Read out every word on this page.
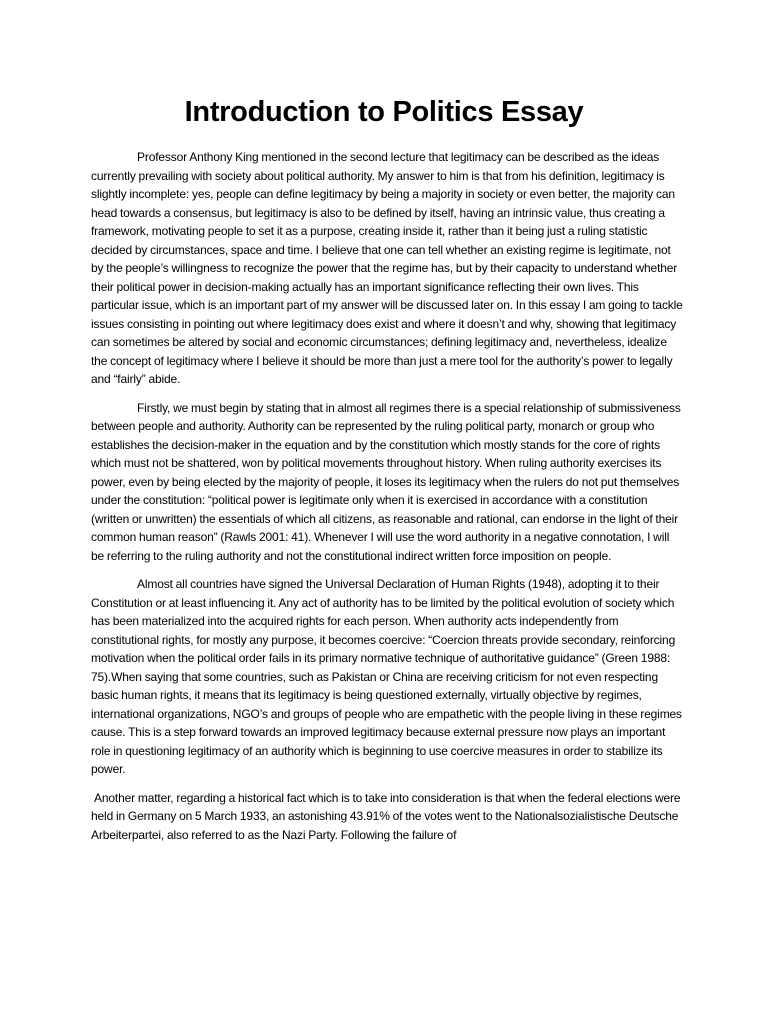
Introduction to Politics Essay

Professor Anthony King mentioned in the second lecture that legitimacy can be described as the ideas currently prevailing with society about political authority. My answer to him is that from his definition, legitimacy is slightly incomplete: yes, people can define legitimacy by being a majority in society or even better, the majority can head towards a consensus, but legitimacy is also to be defined by itself, having an intrinsic value, thus creating a framework, motivating people to set it as a purpose, creating inside it, rather than it being just a ruling statistic decided by circumstances, space and time. I believe that one can tell whether an existing regime is legitimate, not by the people’s willingness to recognize the power that the regime has, but by their capacity to understand whether their political power in decision-making actually has an important significance reflecting their own lives. This particular issue, which is an important part of my answer will be discussed later on. In this essay I am going to tackle issues consisting in pointing out where legitimacy does exist and where it doesn’t and why, showing that legitimacy can sometimes be altered by social and economic circumstances; defining legitimacy and, nevertheless, idealize the concept of legitimacy where I believe it should be more than just a mere tool for the authority’s power to legally and “fairly” abide.

Firstly, we must begin by stating that in almost all regimes there is a special relationship of submissiveness between people and authority. Authority can be represented by the ruling political party, monarch or group who establishes the decision-maker in the equation and by the constitution which mostly stands for the core of rights which must not be shattered, won by political movements throughout history. When ruling authority exercises its power, even by being elected by the majority of people, it loses its legitimacy when the rulers do not put themselves under the constitution: “political power is legitimate only when it is exercised in accordance with a constitution (written or unwritten) the essentials of which all citizens, as reasonable and rational, can endorse in the light of their common human reason” (Rawls 2001: 41). Whenever I will use the word authority in a negative connotation, I will be referring to the ruling authority and not the constitutional indirect written force imposition on people.

Almost all countries have signed the Universal Declaration of Human Rights (1948), adopting it to their Constitution or at least influencing it. Any act of authority has to be limited by the political evolution of society which has been materialized into the acquired rights for each person. When authority acts independently from constitutional rights, for mostly any purpose, it becomes coercive: “Coercion threats provide secondary, reinforcing motivation when the political order fails in its primary normative technique of authoritative guidance” (Green 1988: 75).When saying that some countries, such as Pakistan or China are receiving criticism for not even respecting basic human rights, it means that its legitimacy is being questioned externally, virtually objective by regimes, international organizations, NGO’s and groups of people who are empathetic with the people living in these regimes cause. This is a step forward towards an improved legitimacy because external pressure now plays an important role in questioning legitimacy of an authority which is beginning to use coercive measures in order to stabilize its power.

Another matter, regarding a historical fact which is to take into consideration is that when the federal elections were held in Germany on 5 March 1933, an astonishing 43.91% of the votes went to the Nationalsozialistische Deutsche Arbeiterpartei, also referred to as the Nazi Party. Following the failure of
